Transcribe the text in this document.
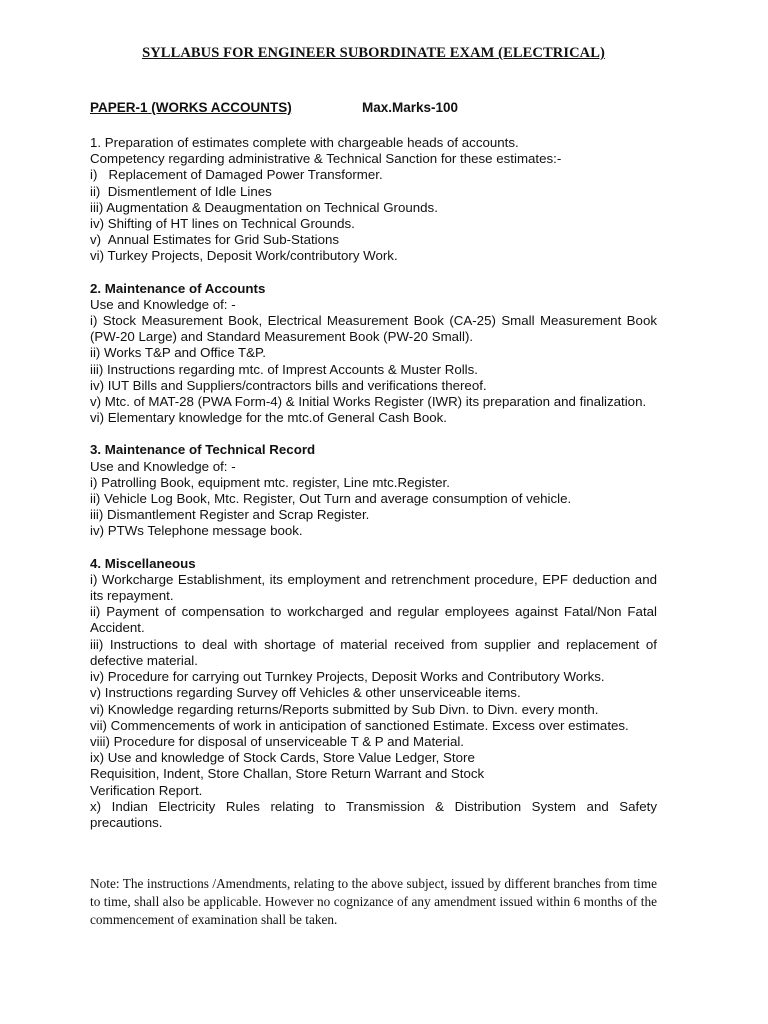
SYLLABUS FOR ENGINEER SUBORDINATE EXAM (ELECTRICAL)
PAPER-1 (WORKS ACCOUNTS)	Max.Marks-100
1. Preparation of estimates complete with chargeable heads of accounts.
Competency regarding administrative & Technical Sanction for these estimates:-
i)   Replacement of Damaged Power Transformer.
ii)  Dismentlement of Idle Lines
iii) Augmentation & Deaugmentation on Technical Grounds.
iv) Shifting of HT lines on Technical Grounds.
v)  Annual Estimates for Grid Sub-Stations
vi) Turkey Projects, Deposit Work/contributory Work.

2. Maintenance of Accounts

Use and Knowledge of: -
i) Stock Measurement Book, Electrical Measurement Book (CA-25) Small Measurement Book (PW-20 Large) and Standard Measurement Book (PW-20 Small).
ii) Works T&P and Office T&P.
iii) Instructions regarding mtc. of Imprest Accounts & Muster Rolls.
iv) IUT Bills and Suppliers/contractors bills and verifications thereof.
v) Mtc. of MAT-28 (PWA Form-4) & Initial Works Register (IWR) its preparation and finalization.
vi) Elementary knowledge for the mtc.of General Cash Book.

3. Maintenance of Technical Record

Use and Knowledge of: -
i) Patrolling Book, equipment mtc. register, Line mtc.Register.
ii) Vehicle Log Book, Mtc. Register, Out Turn and average consumption of vehicle.
iii) Dismantlement Register and Scrap Register.
iv) PTWs Telephone message book.

4. Miscellaneous

i) Workcharge Establishment, its employment and retrenchment procedure, EPF deduction and its repayment.
ii) Payment of compensation to workcharged and regular employees against Fatal/Non Fatal Accident.
iii) Instructions to deal with shortage of material received from supplier and replacement of defective material.
iv) Procedure for carrying out Turnkey Projects, Deposit Works and Contributory Works.
v) Instructions regarding Survey off Vehicles & other unserviceable items.
vi) Knowledge regarding returns/Reports submitted by Sub Divn. to Divn. every month.
vii) Commencements of work in anticipation of sanctioned Estimate. Excess over estimates.
viii) Procedure for disposal of unserviceable T & P and Material.
ix) Use and knowledge of Stock Cards, Store Value Ledger, Store
Requisition, Indent, Store Challan, Store Return Warrant and Stock
Verification Report.
x) Indian Electricity Rules relating to Transmission & Distribution System and Safety precautions.

Note: The instructions /Amendments, relating to the above subject, issued by different branches from time to time, shall also be applicable. However no cognizance of any amendment issued within 6 months of the commencement of examination shall be taken.
